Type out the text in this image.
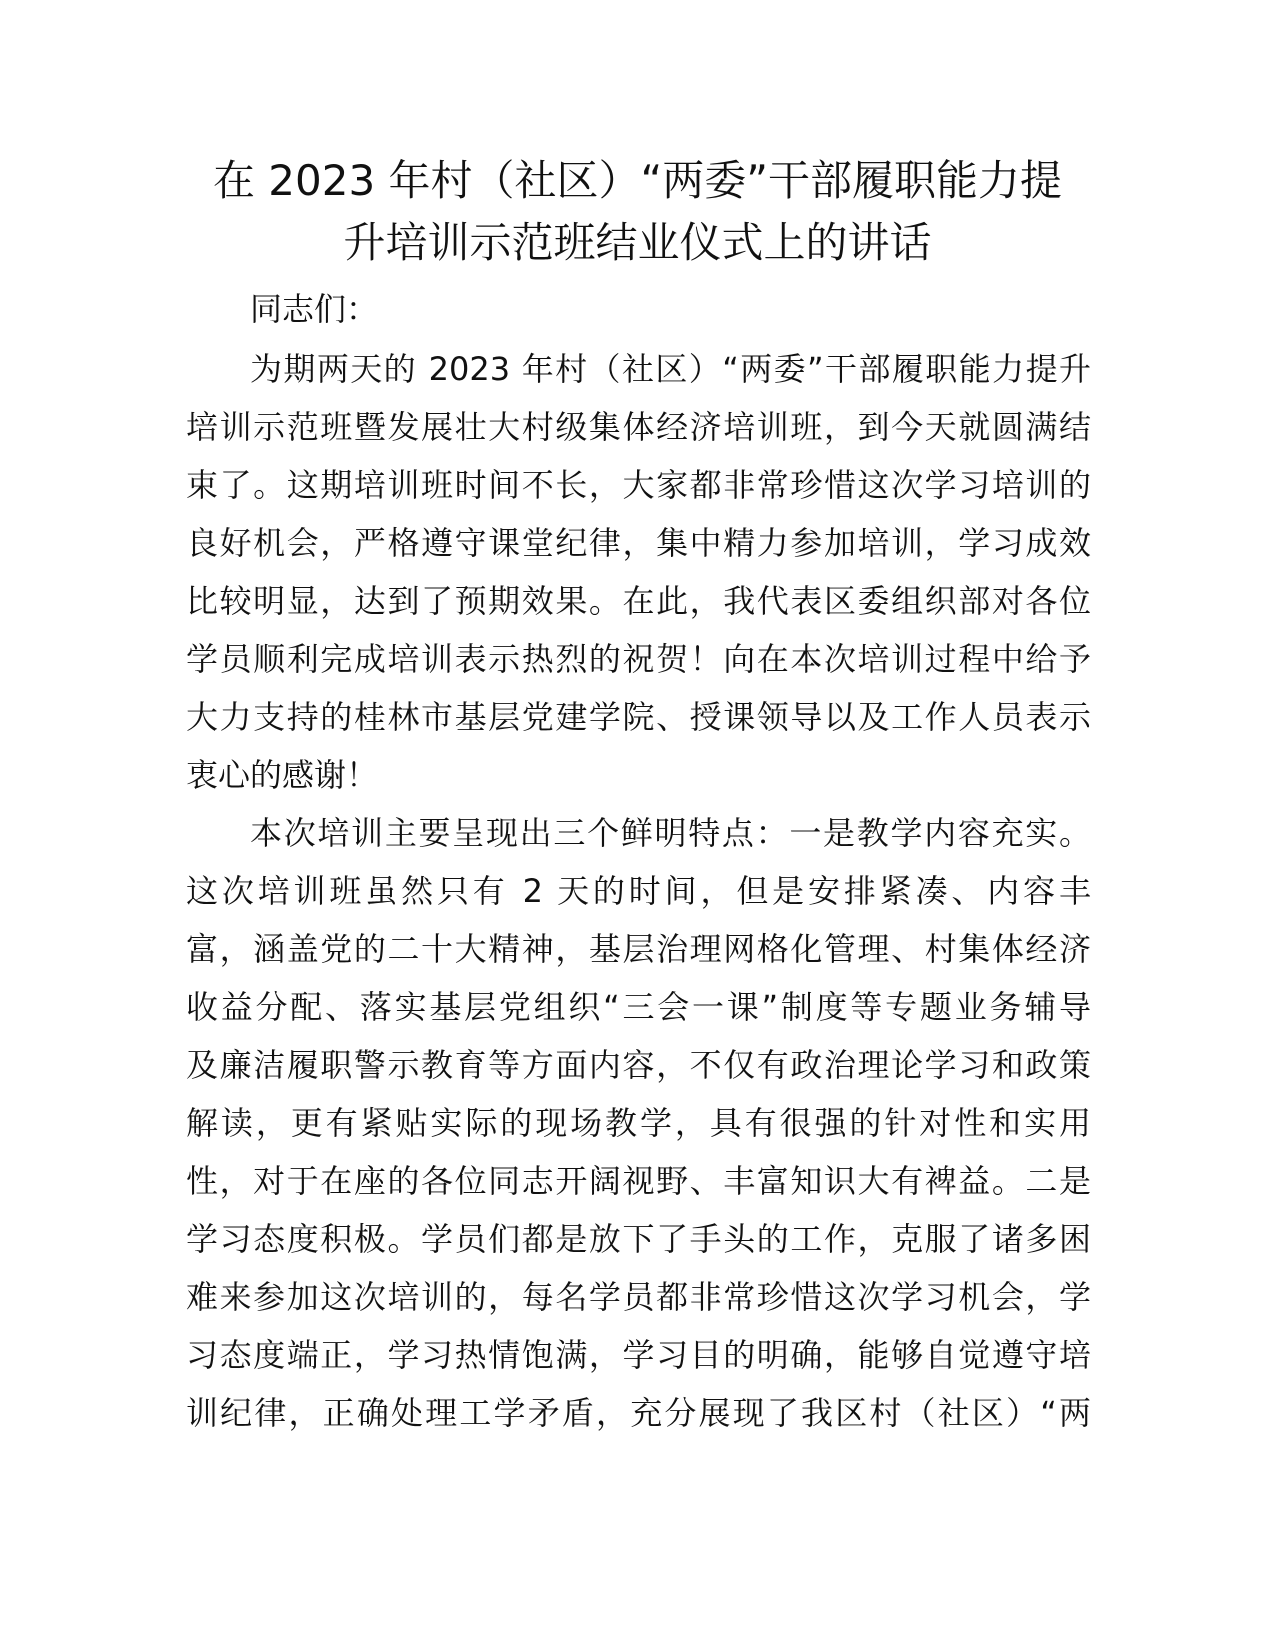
在 2023 年村（社区）“两委”干部履职能力提
升培训示范班结业仪式上的讲话
同志们：
为期两天的 2023 年村（社区）“两委”干部履职能力提升
培训示范班暨发展壮大村级集体经济培训班，到今天就圆满结
束了。这期培训班时间不长，大家都非常珍惜这次学习培训的
良好机会，严格遵守课堂纪律，集中精力参加培训，学习成效
比较明显，达到了预期效果。在此，我代表区委组织部对各位
学员顺利完成培训表示热烈的祝贺！向在本次培训过程中给予
大力支持的桂林市基层党建学院、授课领导以及工作人员表示
衷心的感谢！
本次培训主要呈现出三个鲜明特点：一是教学内容充实。
这次培训班虽然只有 2 天的时间，但是安排紧凑、内容丰
富，涵盖党的二十大精神，基层治理网格化管理、村集体经济
收益分配、落实基层党组织“三会一课”制度等专题业务辅导
及廉洁履职警示教育等方面内容，不仅有政治理论学习和政策
解读，更有紧贴实际的现场教学，具有很强的针对性和实用
性，对于在座的各位同志开阔视野、丰富知识大有裨益。二是
学习态度积极。学员们都是放下了手头的工作，克服了诸多困
难来参加这次培训的，每名学员都非常珍惜这次学习机会，学
习态度端正，学习热情饱满，学习目的明确，能够自觉遵守培
训纪律，正确处理工学矛盾，充分展现了我区村（社区）“两
